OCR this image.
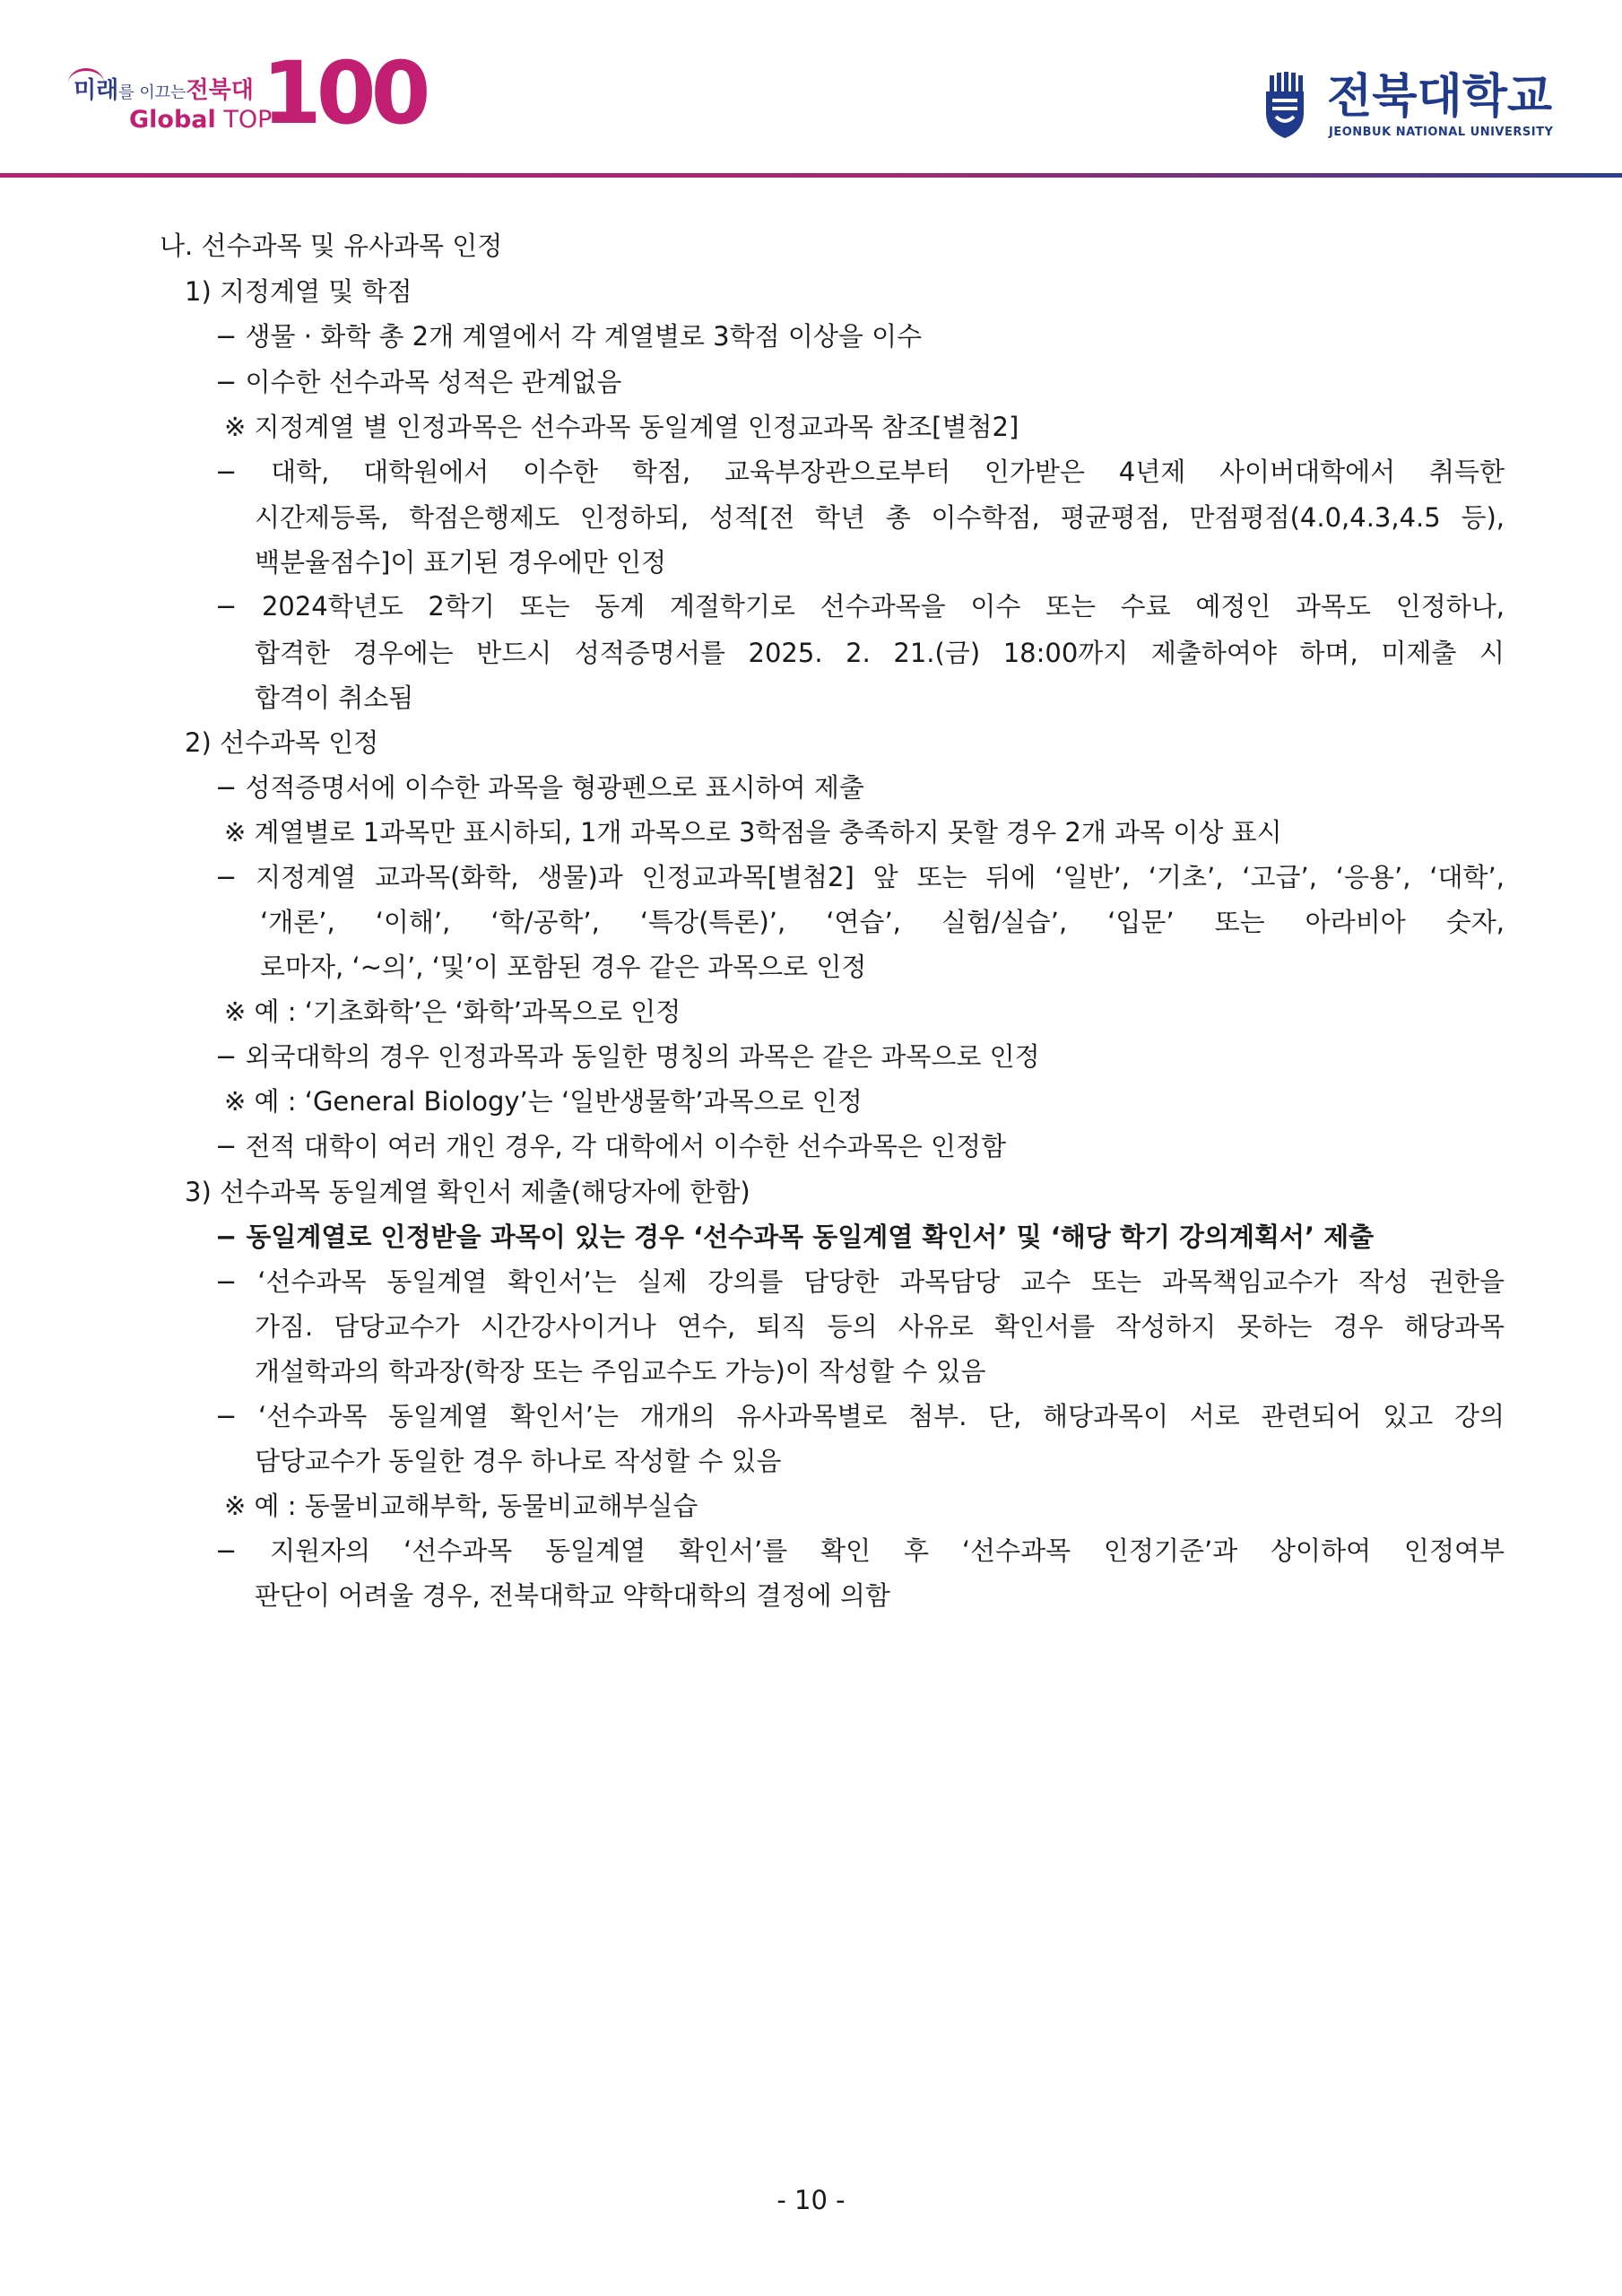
미래를 이끄는전북대
Global TOP
100	전북대학교
JEONBUK NATIONAL UNIVERSITY
나. 선수과목 및 유사과목 인정
1) 지정계열 및 학점
− 생물 · 화학 총 2개 계열에서 각 계열별로 3학점 이상을 이수
− 이수한 선수과목 성적은 관계없음
※ 지정계열 별 인정과목은 선수과목 동일계열 인정교과목 참조[별첨2]
− 대학, 대학원에서 이수한 학점, 교육부장관으로부터 인가받은 4년제 사이버대학에서 취득한
시간제등록, 학점은행제도 인정하되, 성적[전 학년 총 이수학점, 평균평점, 만점평점(4.0,4.3,4.5 등),
백분율점수]이 표기된 경우에만 인정
− 2024학년도 2학기 또는 동계 계절학기로 선수과목을 이수 또는 수료 예정인 과목도 인정하나,
합격한 경우에는 반드시 성적증명서를 2025. 2. 21.(금) 18:00까지 제출하여야 하며, 미제출 시
합격이 취소됨
2) 선수과목 인정
− 성적증명서에 이수한 과목을 형광펜으로 표시하여 제출
※ 계열별로 1과목만 표시하되, 1개 과목으로 3학점을 충족하지 못할 경우 2개 과목 이상 표시
− 지정계열 교과목(화학, 생물)과 인정교과목[별첨2] 앞 또는 뒤에 ‘일반’, ‘기초’, ‘고급’, ‘응용’, ‘대학’,
‘개론’, ‘이해’, ‘학/공학’, ‘특강(특론)’, ‘연습’, 실험/실습’, ‘입문’ 또는 아라비아 숫자,
로마자, ‘~의’, ‘및’이 포함된 경우 같은 과목으로 인정
※ 예 : ‘기초화학’은 ‘화학’과목으로 인정
− 외국대학의 경우 인정과목과 동일한 명칭의 과목은 같은 과목으로 인정
※ 예 : ‘General Biology’는 ‘일반생물학’과목으로 인정
− 전적 대학이 여러 개인 경우, 각 대학에서 이수한 선수과목은 인정함
3) 선수과목 동일계열 확인서 제출(해당자에 한함)
− 동일계열로 인정받을 과목이 있는 경우 ‘선수과목 동일계열 확인서’ 및 ‘해당 학기 강의계획서’ 제출
− ‘선수과목 동일계열 확인서’는 실제 강의를 담당한 과목담당 교수 또는 과목책임교수가 작성 권한을
가짐. 담당교수가 시간강사이거나 연수, 퇴직 등의 사유로 확인서를 작성하지 못하는 경우 해당과목
개설학과의 학과장(학장 또는 주임교수도 가능)이 작성할 수 있음
− ‘선수과목 동일계열 확인서’는 개개의 유사과목별로 첨부. 단, 해당과목이 서로 관련되어 있고 강의
담당교수가 동일한 경우 하나로 작성할 수 있음
※ 예 : 동물비교해부학, 동물비교해부실습
− 지원자의 ‘선수과목 동일계열 확인서’를 확인 후 ‘선수과목 인정기준’과 상이하여 인정여부
판단이 어려울 경우, 전북대학교 약학대학의 결정에 의함
- 10 -
